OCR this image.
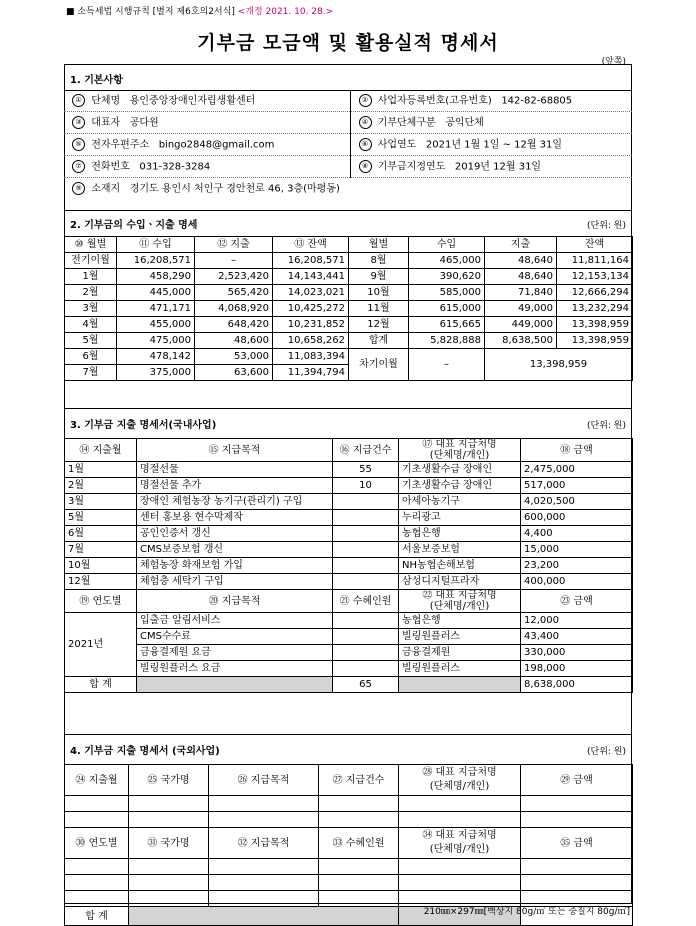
■ 소득세법 시행규칙 [별지 제6호의2서식] <개정 2021. 10. 28.>
기부금 모금액 및 활용실적 명세서
(앞쪽)
1. 기본사항
① 단체명 용인중앙장애인자립생활센터	② 사업자등록번호(고유번호) 142-82-68805
③ 대표자 공다원	④ 기부단체구분 공익단체
⑤ 전자우편주소 bingo2848@gmail.com	⑥ 사업연도 2021년 1월 1일 ~ 12월 31일
⑦ 전화번호 031-328-3284	⑧ 기부금지정연도 2019년 12월 31일
⑨ 소재지 경기도 용인시 처인구 경안천로 46, 3층(마평동)	
2. 기부금의 수입ㆍ지출 명세	(단위: 원)
⑩ 월별	⑪ 수입	⑫ 지출	⑬ 잔액	월별	수입	지출	잔액
전기이월	16,208,571	–	16,208,571	8월	465,000	48,640	11,811,164
1월	458,290	2,523,420	14,143,441	9월	390,620	48,640	12,153,134
2월	445,000	565,420	14,023,021	10월	585,000	71,840	12,666,294
3월	471,171	4,068,920	10,425,272	11월	615,000	49,000	13,232,294
4월	455,000	648,420	10,231,852	12월	615,665	449,000	13,398,959
5월	475,000	48,600	10,658,262	합계	5,828,888	8,638,500	13,398,959
6월	478,142	53,000	11,083,394	차기이월	–	13,398,959	
7월	375,000	63,600	11,394,794				
3. 기부금 지출 명세서(국내사업)	(단위: 원)
⑭ 지출월	⑮ 지급목적	⑯ 지급건수	⑰ 대표 지급처명
(단체명/개인)	⑱ 금액
1월	명절선물	55	기초생활수급 장애인	2,475,000
2월	명절선물 추가	10	기초생활수급 장애인	517,000
3월	장애인 체험농장 농기구(관리기) 구입		아세아농기구	4,020,500
5월	센터 홍보용 현수막제작		누리광고	600,000
6월	공인인증서 갱신		농협은행	4,400
7월	CMS보증보험 갱신		서울보증보험	15,000
10월	체험농장 화재보험 가입		NH농협손해보험	23,200
12월	체험층 세탁기 구입		삼성디지털프라자	400,000
⑲ 연도별	⑳ 지급목적	㉑ 수혜인원	㉒ 대표 지급처명
(단체명/개인)	㉓ 금액
2021년	입출금 알림서비스		농협은행	12,000
	CMS수수료		빌링원플러스	43,400
	금융결제원 요금		금융결제원	330,000
	빌링원플러스 요금		빌링원플러스	198,000
합 계		65		8,638,000
4. 기부금 지출 명세서 (국외사업)	(단위: 원)
㉔ 지출월	㉕ 국가명	㉖ 지급목적	㉗ 지급건수	㉘ 대표 지급처명
(단체명/개인)	㉙ 금액

㉚ 연도별	㉛ 국가명	㉜ 지급목적	㉝ 수혜인원	㉞ 대표 지급처명
(단체명/개인)	㉟ 금액

합 계						210㎜×297㎜[백상지 80g/㎡ 또는 중질지 80g/㎡]
